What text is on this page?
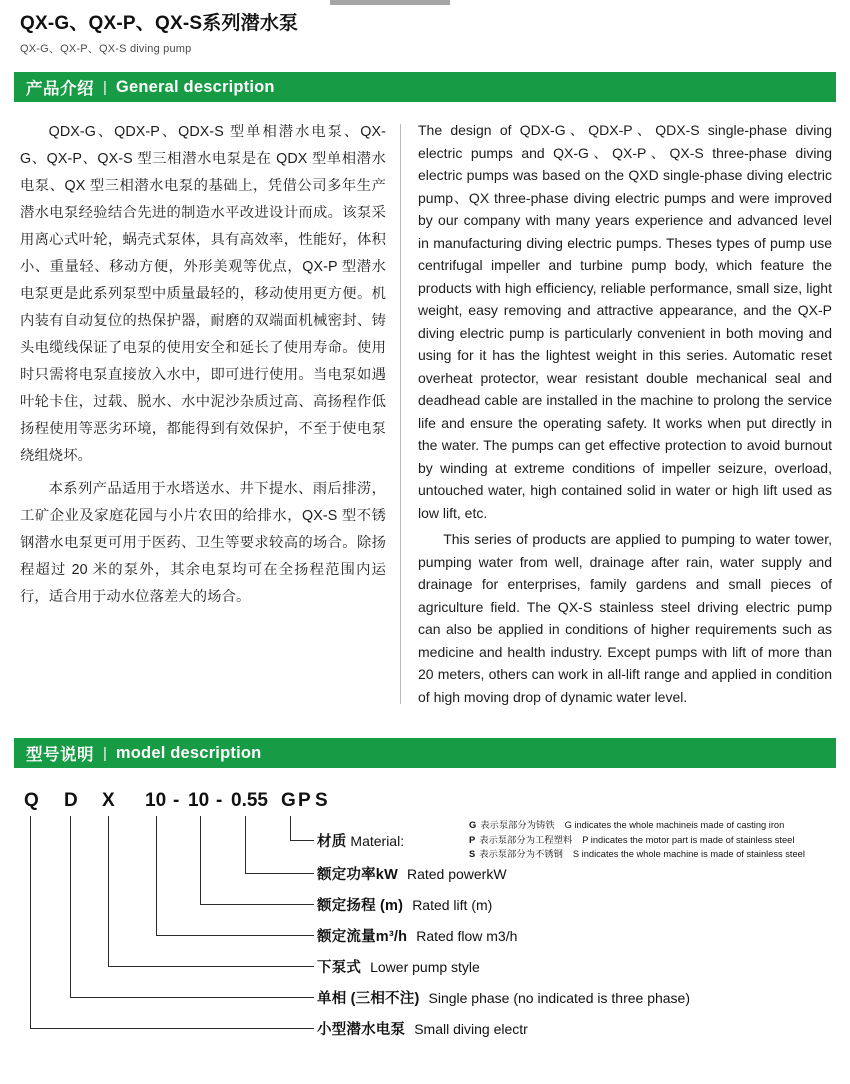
QX-G、QX-P、QX-S系列潜水泵
QX-G、QX-P、QX-S diving pump
产品介绍 | General description

QDX-G、QDX-P、QDX-S 型单相潜水电泵、QX-G、QX-P、QX-S 型三相潜水电泵是在 QDX 型单相潜水电泵、QX 型三相潜水电泵的基础上，凭借公司多年生产潜水电泵经验结合先进的制造水平改进设计而成。该泵采用离心式叶轮，蜗壳式泵体，具有高效率，性能好，体积小、重量轻、移动方便，外形美观等优点，QX-P 型潜水电泵更是此系列泵型中质量最轻的，移动使用更方便。机内装有自动复位的热保护器，耐磨的双端面机械密封、铸头电缆线保证了电泵的使用安全和延长了使用寿命。使用时只需将电泵直接放入水中，即可进行使用。当电泵如遇叶轮卡住，过载、脱水、水中泥沙杂质过高、高扬程作低扬程使用等恶劣环境，都能得到有效保护，不至于使电泵绕组烧坏。

本系列产品适用于水塔送水、井下提水、雨后排涝，工矿企业及家庭花园与小片农田的给排水，QX-S 型不锈钢潜水电泵更可用于医药、卫生等要求较高的场合。除扬程超过 20 米的泵外，其余电泵均可在全扬程范围内运行，适合用于动水位落差大的场合。

The design of QDX-G、QDX-P、QDX-S single-phase diving electric pumps and QX-G、QX-P、QX-S three-phase diving electric pumps was based on the QXD single-phase diving electric pump、QX three-phase diving electric pumps and were improved by our company with many years experience and advanced level in manufacturing diving electric pumps. Theses types of pump use centrifugal impeller and turbine pump body, which feature the products with high efficiency, reliable performance, small size, light weight, easy removing and attractive appearance, and the QX-P diving electric pump is particularly convenient in both moving and using for it has the lightest weight in this series. Automatic reset overheat protector, wear resistant double mechanical seal and deadhead cable are installed in the machine to prolong the service life and ensure the operating safety. It works when put directly in the water. The pumps can get effective protection to avoid burnout by winding at extreme conditions of impeller seizure, overload, untouched water, high contained solid in water or high lift used as low lift, etc.

This series of products are applied to pumping to water tower, pumping water from well, drainage after rain, water supply and drainage for enterprises, family gardens and small pieces of agriculture field. The QX-S stainless steel driving electric pump can also be applied in conditions of higher requirements such as medicine and health industry. Except pumps with lift of more than 20 meters, others can work in all-lift range and applied in condition of high moving drop of dynamic water level.

型号说明 | model description
Q D X 10 - 10 - 0.55 G P S
材质 Material:
G 表示泵部分为铸铁 G indicates the whole machineis made of casting iron
P 表示泵部分为工程塑料 P indicates the motor part is made of stainless steel
S 表示泵部分为不锈钢 S indicates the whole machine is made of stainless steel
额定功率kW Rated powerkW
额定扬程 (m) Rated lift (m)
额定流量m³/h Rated flow m3/h
下泵式 Lower pump style
单相 (三相不注) Single phase (no indicated is three phase)
小型潜水电泵 Small diving electr
